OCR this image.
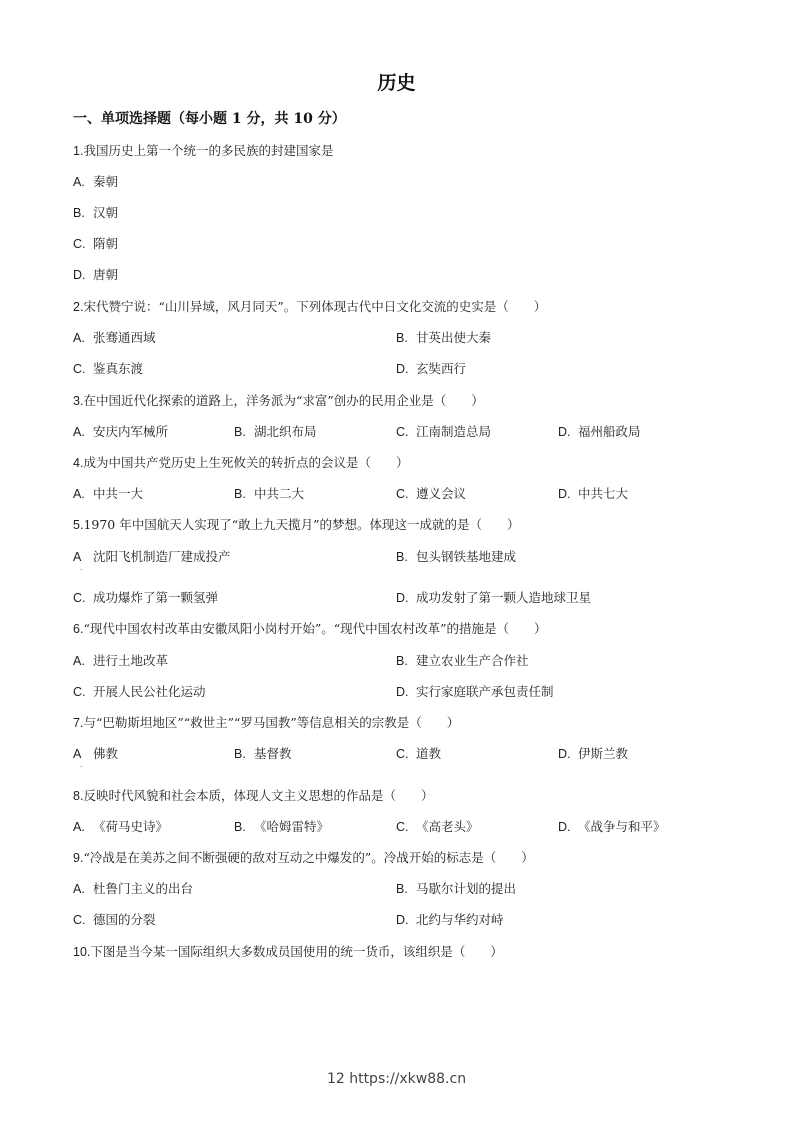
历史
一、单项选择题（每小题 1 分，共 10 分）
1.我国历史上第一个统一的多民族的封建国家是
A. 秦朝
B. 汉朝
C. 隋朝
D. 唐朝
2.宋代赞宁说：“山川异域，风月同天”。下列体现古代中日文化交流的史实是（　　）
A. 张骞通西域	B. 甘英出使大秦
C. 鉴真东渡	D. 玄奘西行
3.在中国近代化探索的道路上，洋务派为“求富”创办的民用企业是（　　）
A. 安庆内军械所	B. 湖北织布局	C. 江南制造总局	D. 福州船政局
4.成为中国共产党历史上生死攸关的转折点的会议是（　　）
A. 中共一大	B. 中共二大	C. 遵义会议	D. 中共七大
5.1970 年中国航天人实现了“敢上九天揽月”的梦想。体现这一成就的是（　　）
A 沈阳飞机制造厂建成投产	B. 包头钢铁基地建成
.
C. 成功爆炸了第一颗氢弹	D. 成功发射了第一颗人造地球卫星
6.“现代中国农村改革由安徽凤阳小岗村开始”。“现代中国农村改革”的措施是（　　）
A. 进行土地改革	B. 建立农业生产合作社
C. 开展人民公社化运动	D. 实行家庭联产承包责任制
7.与“巴勒斯坦地区”“救世主”“罗马国教”等信息相关的宗教是（　　）
A 佛教	B. 基督教	C. 道教	D. 伊斯兰教
.
8.反映时代风貌和社会本质，体现人文主义思想的作品是（　　）
A. 《荷马史诗》	B. 《哈姆雷特》	C. 《高老头》	D. 《战争与和平》
9.“冷战是在美苏之间不断强硬的敌对互动之中爆发的”。冷战开始的标志是（　　）
A. 杜鲁门主义的出台	B. 马歇尔计划的提出
C. 德国的分裂	D. 北约与华约对峙
10.下图是当今某一国际组织大多数成员国使用的统一货币，该组织是（　　）
12 https://xkw88.cn
